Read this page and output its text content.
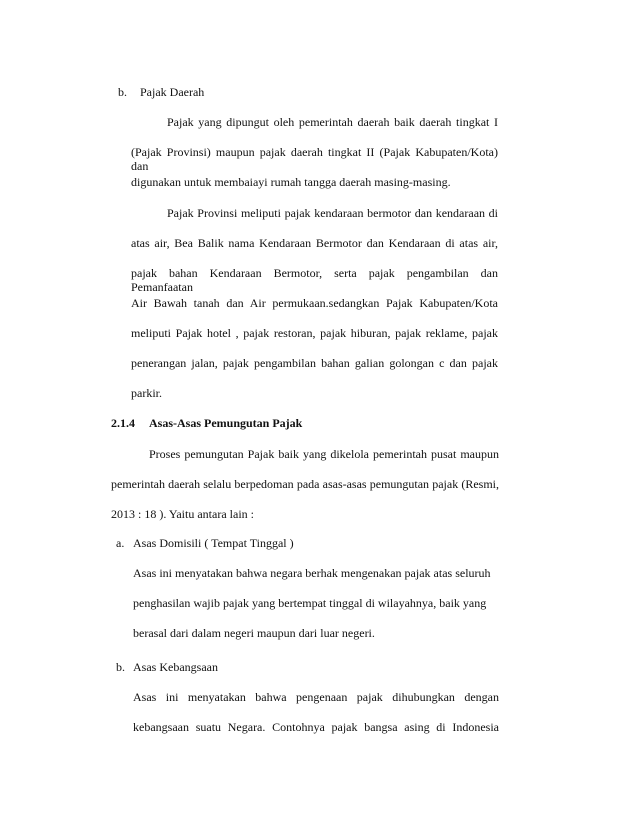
b. Pajak Daerah
Pajak yang dipungut oleh pemerintah daerah baik daerah tingkat I
(Pajak Provinsi) maupun pajak daerah tingkat II (Pajak Kabupaten/Kota) dan
digunakan untuk membaiayi rumah tangga daerah masing-masing.
Pajak Provinsi meliputi pajak kendaraan bermotor dan kendaraan di
atas air, Bea Balik nama Kendaraan Bermotor dan Kendaraan di atas air,
pajak bahan Kendaraan Bermotor, serta pajak pengambilan dan Pemanfaatan
Air Bawah tanah dan Air permukaan.sedangkan Pajak Kabupaten/Kota
meliputi Pajak hotel , pajak restoran, pajak hiburan, pajak reklame, pajak
penerangan jalan, pajak pengambilan bahan galian golongan c dan pajak
parkir.
2.1.4 Asas-Asas Pemungutan Pajak
Proses pemungutan Pajak baik yang dikelola pemerintah pusat maupun
pemerintah daerah selalu berpedoman pada asas-asas pemungutan pajak (Resmi,
2013 : 18 ). Yaitu antara lain :
a. Asas Domisili ( Tempat Tinggal )
Asas ini menyatakan bahwa negara berhak mengenakan pajak atas seluruh
penghasilan wajib pajak yang bertempat tinggal di wilayahnya, baik yang
berasal dari dalam negeri maupun dari luar negeri.
b. Asas Kebangsaan
Asas ini menyatakan bahwa pengenaan pajak dihubungkan dengan
kebangsaan suatu Negara. Contohnya pajak bangsa asing di Indonesia
